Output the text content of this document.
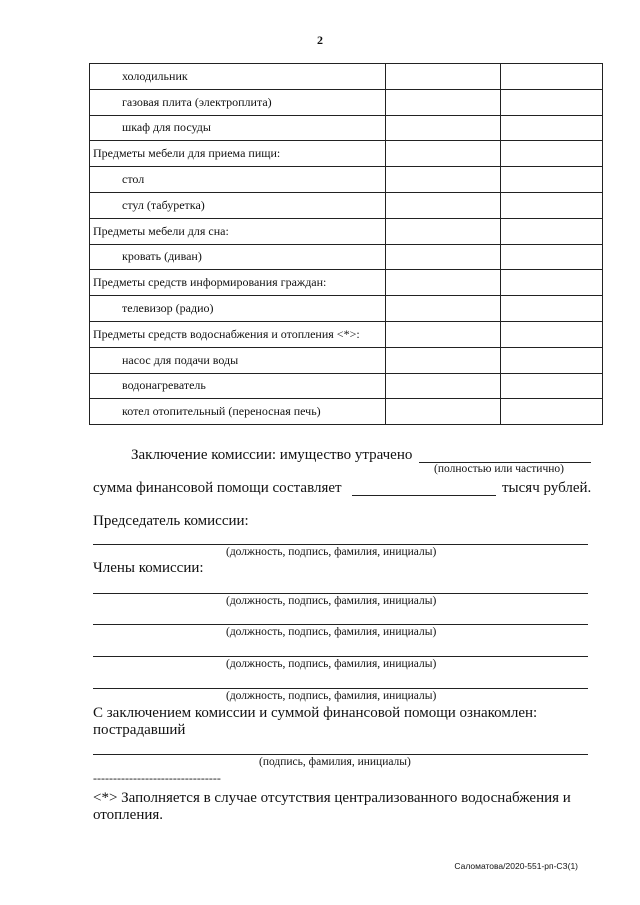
2
холодильник		
газовая плита (электроплита)		
шкаф для посуды		
Предметы мебели для приема пищи:		
стол		
стул (табуретка)		
Предметы мебели для сна:		
кровать (диван)		
Предметы средств информирования граждан:		
телевизор (радио)		
Предметы средств водоснабжения и отопления <*>:		
насос для подачи воды		
водонагреватель		
котел отопительный (переносная печь)		
Заключение комиссии: имущество утрачено
(полностью или частично)
сумма финансовой помощи составляет	тысяч рублей.
Председатель комиссии:
(должность, подпись, фамилия, инициалы)
Члены комиссии:
(должность, подпись, фамилия, инициалы)
(должность, подпись, фамилия, инициалы)
(должность, подпись, фамилия, инициалы)
(должность, подпись, фамилия, инициалы)
С заключением комиссии и суммой финансовой помощи ознакомлен:
пострадавший
(подпись, фамилия, инициалы)
--------------------------------
<*> Заполняется в случае отсутствия централизованного водоснабжения и
отопления.
Саломатова/2020-551-рп-СЗ(1)
